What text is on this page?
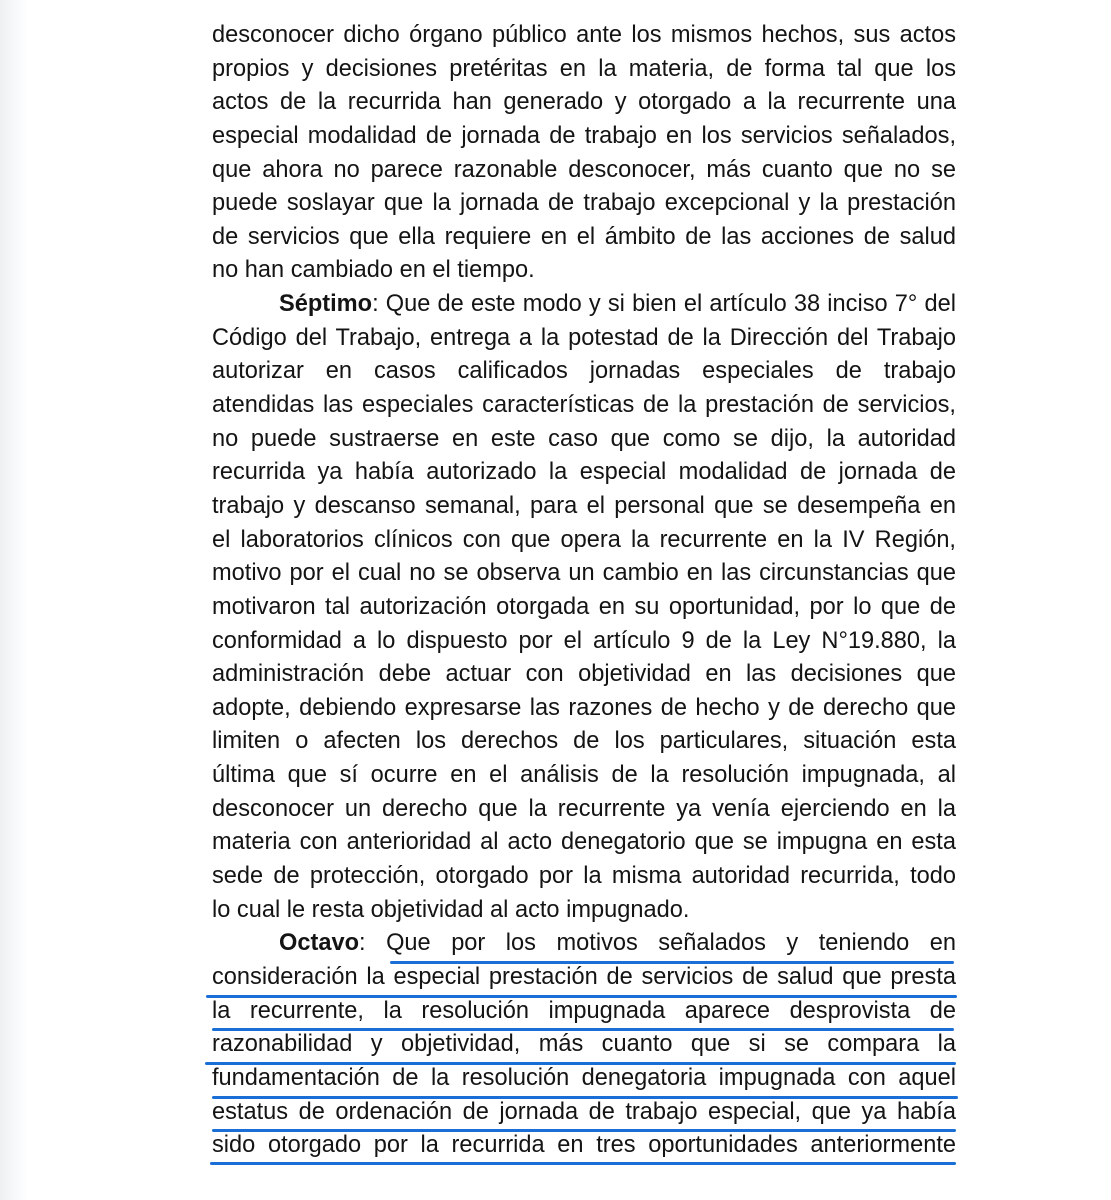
desconocer dicho órgano público ante los mismos hechos, sus actos
propios y decisiones pretéritas en la materia, de forma tal que los
actos de la recurrida han generado y otorgado a la recurrente una
especial modalidad de jornada de trabajo en los servicios señalados,
que ahora no parece razonable desconocer, más cuanto que no se
puede soslayar que la jornada de trabajo excepcional y la prestación
de servicios que ella requiere en el ámbito de las acciones de salud
no han cambiado en el tiempo.
Séptimo: Que de este modo y si bien el artículo 38 inciso 7° del
Código del Trabajo, entrega a la potestad de la Dirección del Trabajo
autorizar en casos calificados jornadas especiales de trabajo
atendidas las especiales características de la prestación de servicios,
no puede sustraerse en este caso que como se dijo, la autoridad
recurrida ya había autorizado la especial modalidad de jornada de
trabajo y descanso semanal, para el personal que se desempeña en
el laboratorios clínicos con que opera la recurrente en la IV Región,
motivo por el cual no se observa un cambio en las circunstancias que
motivaron tal autorización otorgada en su oportunidad, por lo que de
conformidad a lo dispuesto por el artículo 9 de la Ley N°19.880, la
administración debe actuar con objetividad en las decisiones que
adopte, debiendo expresarse las razones de hecho y de derecho que
limiten o afecten los derechos de los particulares, situación esta
última que sí ocurre en el análisis de la resolución impugnada, al
desconocer un derecho que la recurrente ya venía ejerciendo en la
materia con anterioridad al acto denegatorio que se impugna en esta
sede de protección, otorgado por la misma autoridad recurrida, todo
lo cual le resta objetividad al acto impugnado.
Octavo: Que por los motivos señalados y teniendo en
consideración la especial prestación de servicios de salud que presta
la recurrente, la resolución impugnada aparece desprovista de
razonabilidad y objetividad, más cuanto que si se compara la
fundamentación de la resolución denegatoria impugnada con aquel
estatus de ordenación de jornada de trabajo especial, que ya había
sido otorgado por la recurrida en tres oportunidades anteriormente
